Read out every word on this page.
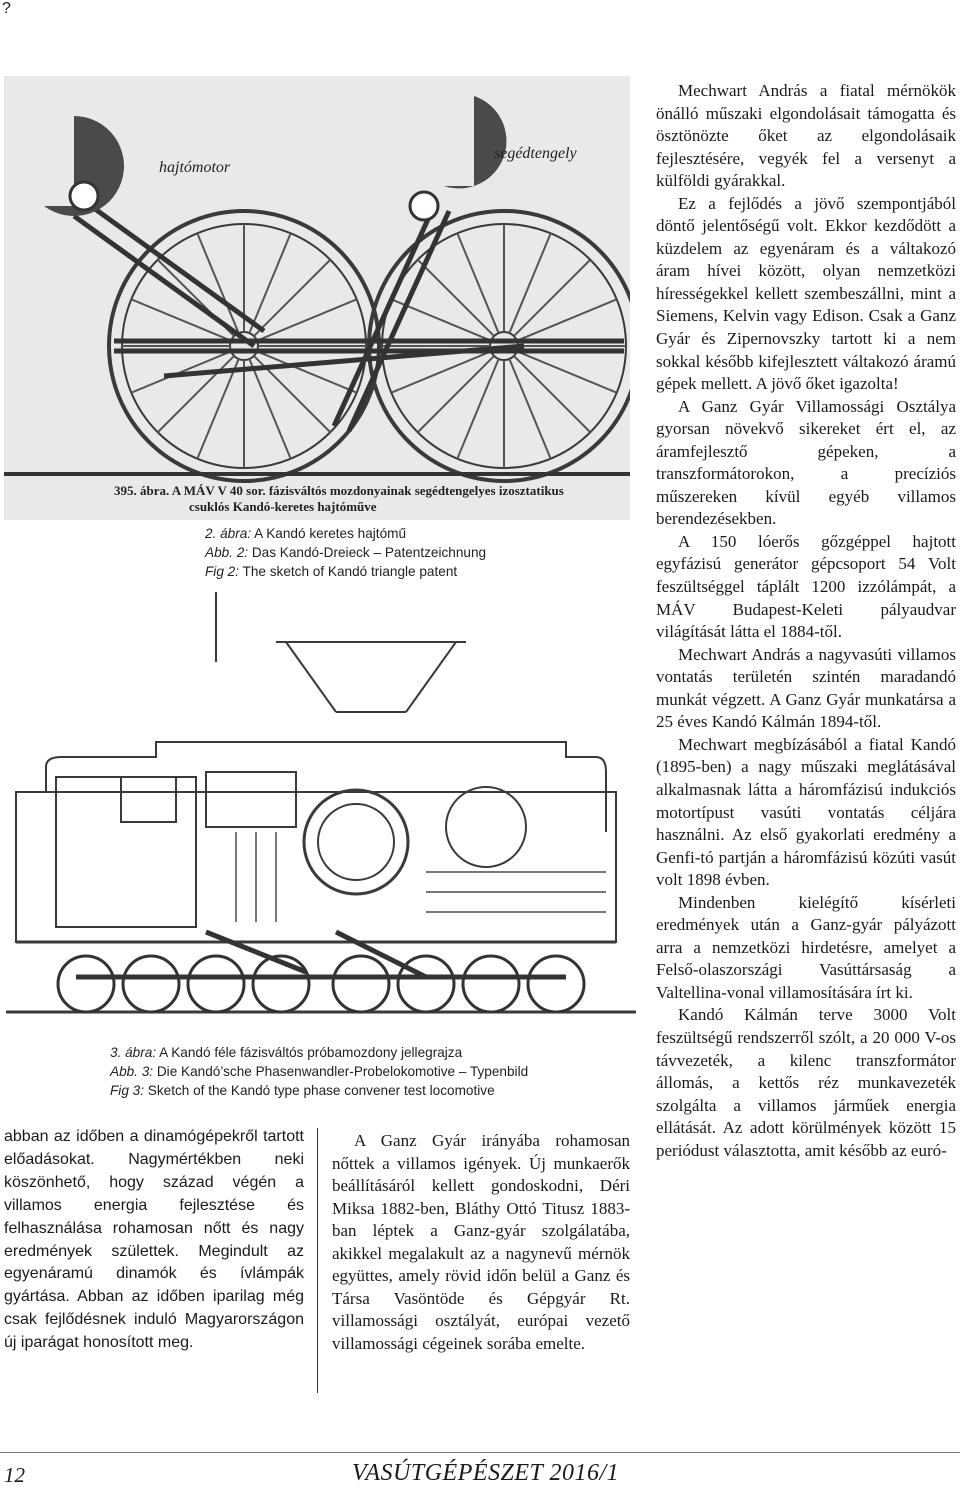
?
hajtómotor
segédtengely
395. ábra. A MÁV V 40 sor. fázisváltós mozdonyainak segédtengelyes izosztatikus
csuklós Kandó-keretes hajtóműve
2. ábra: A Kandó keretes hajtómű
Abb. 2: Das Kandó-Dreieck – Patentzeichnung
Fig 2: The sketch of Kandó triangle patent
3. ábra: A Kandó féle fázisváltós próbamozdony jellegrajza
Abb. 3: Die Kandó’sche Phasenwandler-Probelokomotive – Typenbild
Fig 3: Sketch of the Kandó type phase convener test locomotive

abban az időben a dinamógépekről tartott előadásokat. Nagymértékben neki köszönhető, hogy század végén a villamos energia fejlesztése és felhasználása rohamosan nőtt és nagy eredmények születtek. Megindult az egyenáramú dinamók és ívlámpák gyártása. Abban az időben iparilag még csak fejlődésnek induló Magyarországon új iparágat honosított meg.

A Ganz Gyár irányába rohamosan nőttek a villamos igények. Új munkaerők beállításáról kellett gondoskodni, Déri Miksa 1882-ben, Bláthy Ottó Titusz 1883-ban léptek a Ganz-gyár szolgálatába, akikkel megalakult az a nagynevű mérnök együttes, amely rövid időn belül a Ganz és Társa Vasöntöde és Gépgyár Rt. villamossági osztályát, európai vezető villamossági cégeinek sorába emelte.

Mechwart András a fiatal mérnökök önálló műszaki elgondolásait támogatta és ösztönözte őket az elgondolásaik fejlesztésére, vegyék fel a versenyt a külföldi gyárakkal.

Ez a fejlődés a jövő szempontjából döntő jelentőségű volt. Ekkor kezdődött a küzdelem az egyenáram és a váltakozó áram hívei között, olyan nemzetközi hírességekkel kellett szembeszállni, mint a Siemens, Kelvin vagy Edison. Csak a Ganz Gyár és Zipernovszky tartott ki a nem sokkal később kifejlesztett váltakozó áramú gépek mellett. A jövő őket igazolta!

A Ganz Gyár Villamossági Osztálya gyorsan növekvő sikereket ért el, az áramfejlesztő gépeken, a transzformátorokon, a precíziós műszereken kívül egyéb villamos berendezésekben.

A 150 lóerős gőzgéppel hajtott egyfázisú generátor gépcsoport 54 Volt feszültséggel táplált 1200 izzólámpát, a MÁV Budapest-Keleti pályaudvar világítását látta el 1884-től.

Mechwart András a nagyvasúti villamos vontatás területén szintén maradandó munkát végzett. A Ganz Gyár munkatársa a 25 éves Kandó Kálmán 1894-től.

Mechwart megbízásából a fiatal Kandó (1895-ben) a nagy műszaki meglátásával alkalmasnak látta a háromfázisú indukciós motortípust vasúti vontatás céljára használni. Az első gyakorlati eredmény a Genfi-tó partján a háromfázisú közúti vasút volt 1898 évben.

Mindenben kielégítő kísérleti eredmények után a Ganz-gyár pályázott arra a nemzetközi hirdetésre, amelyet a Felső-olaszországi Vasúttársaság a Valtellina-vonal villamosítására írt ki.

Kandó Kálmán terve 3000 Volt feszültségű rendszerről szólt, a 20 000 V-os távvezeték, a kilenc transzformátor állomás, a kettős réz munkavezeték szolgálta a villamos járműek energia ellátását. Az adott körülmények között 15 periódust választotta, amit később az euró-

12	VASÚTGÉPÉSZET 2016/1
